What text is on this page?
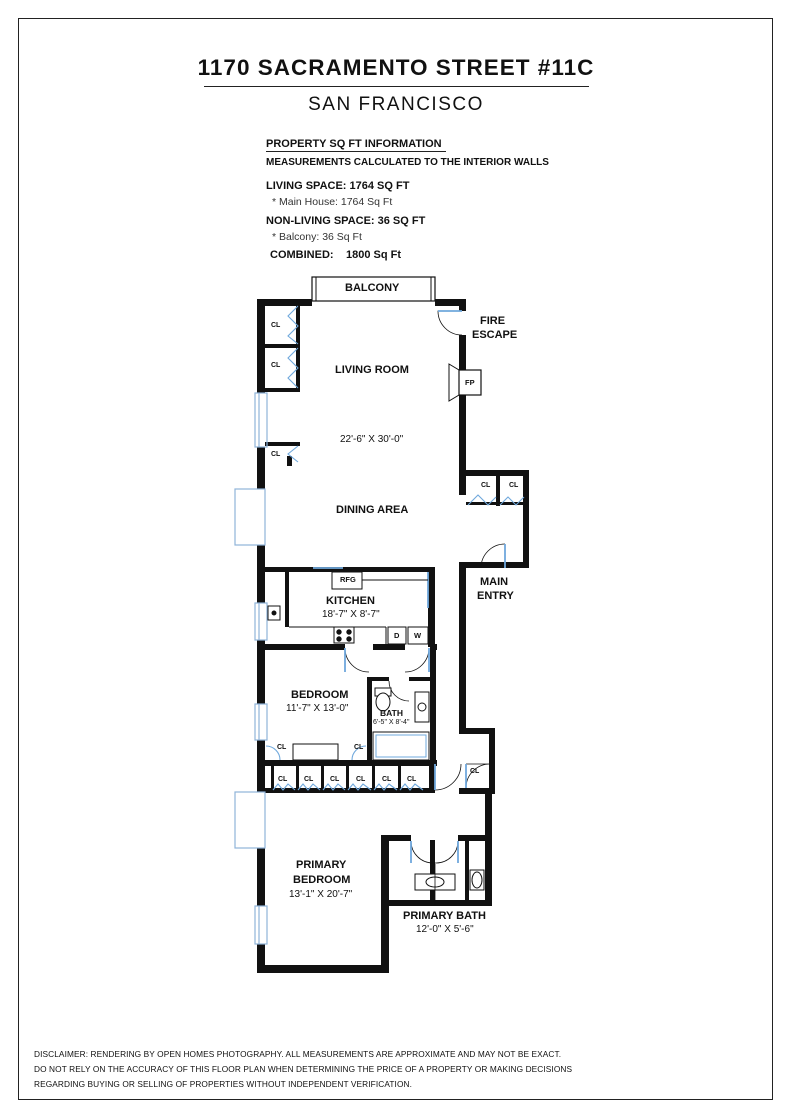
1170 SACRAMENTO STREET #11C
SAN FRANCISCO
PROPERTY SQ FT INFORMATION
MEASUREMENTS CALCULATED TO THE INTERIOR WALLS
LIVING SPACE: 1764 SQ FT
* Main House: 1764 Sq Ft
NON-LIVING SPACE: 36 SQ FT
* Balcony: 36 Sq Ft
COMBINED: 1800 Sq Ft
BALCONY
FIRE
ESCAPE
FP
LIVING ROOM
22'-6" X 30'-0"
DINING AREA
MAIN
ENTRY
KITCHEN
18'-7" X 8'-7"
RFG
D W
BEDROOM
11'-7" X 13'-0"	BATH
6'-5" X 8'-4"
PRIMARY
BEDROOM
13'-1" X 20'-7"
PRIMARY BATH
12'-0" X 5'-6"
CL
CL
CL
CL	CL
CL	CL
CL CL CL CL CL CL
CL
DISCLAIMER: RENDERING BY OPEN HOMES PHOTOGRAPHY. ALL MEASUREMENTS ARE APPROXIMATE AND MAY NOT BE EXACT.
DO NOT RELY ON THE ACCURACY OF THIS FLOOR PLAN WHEN DETERMINING THE PRICE OF A PROPERTY OR MAKING DECISIONS
REGARDING BUYING OR SELLING OF PROPERTIES WITHOUT INDEPENDENT VERIFICATION.
